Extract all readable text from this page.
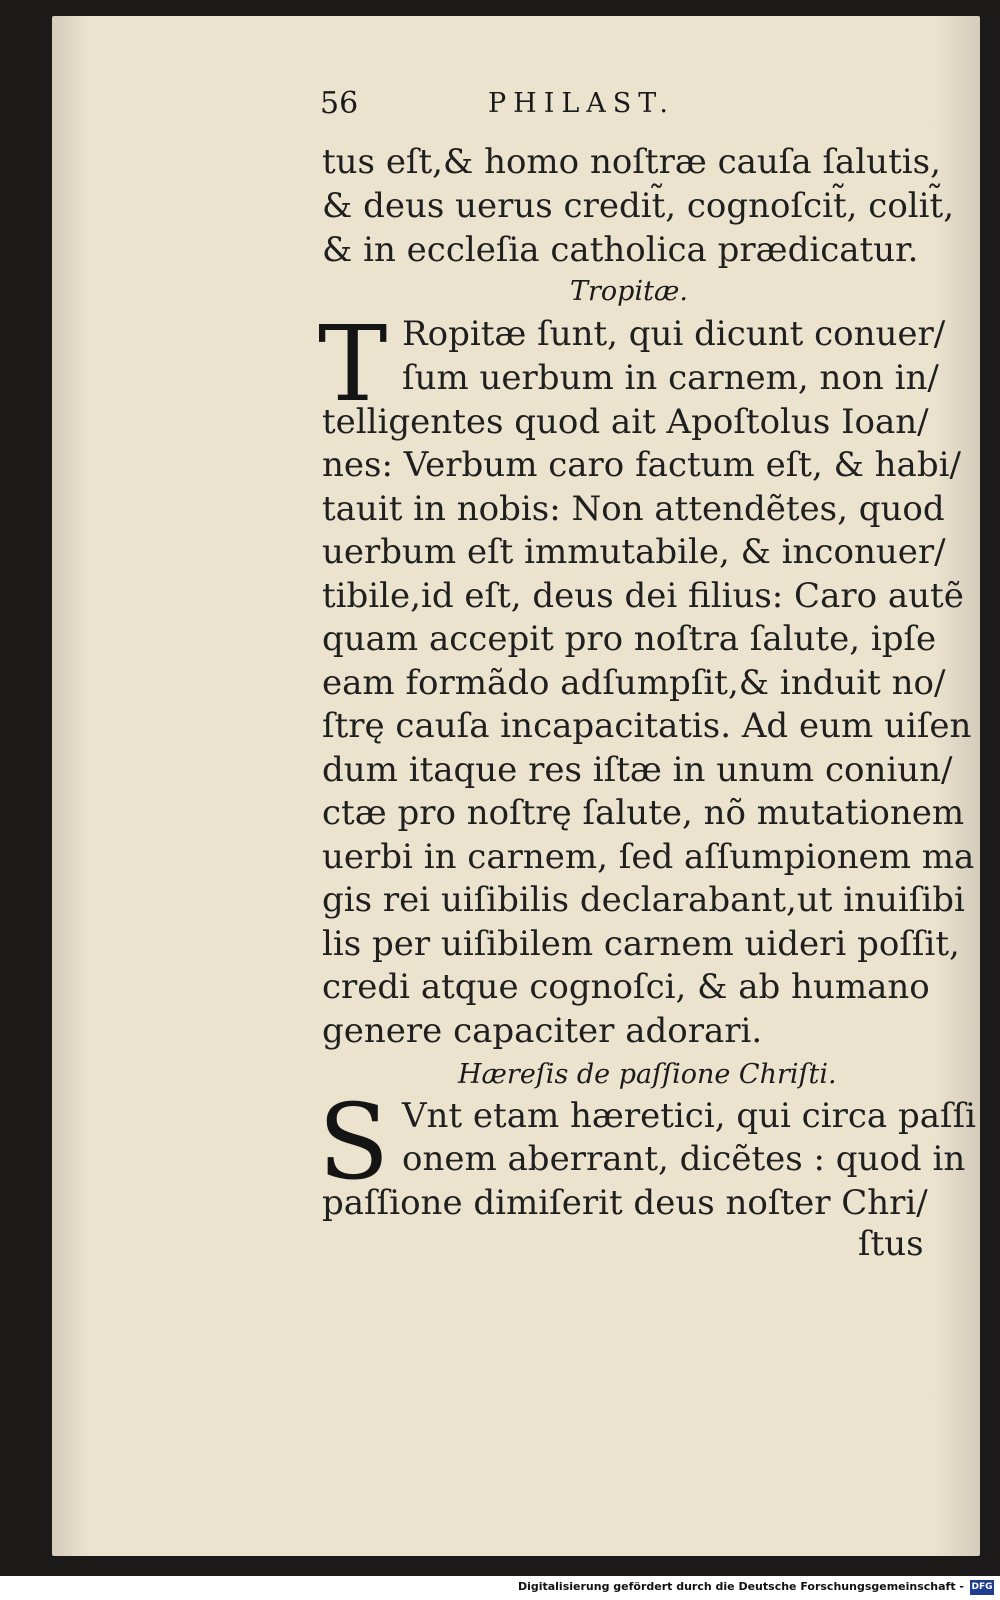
56	PHILAST.
tus eſt,& homo noſtræ cauſa ſalutis,
& deus uerus credit̃, cognoſcit̃, colit̃,
& in eccleſia catholica prædicatur.
Tropitæ.
T Ropitæ ſunt, qui dicunt conuer/
ſum uerbum in carnem, non in/
telligentes quod ait Apoſtolus Ioan/
nes: Verbum caro factum eſt, & habi/
tauit in nobis: Non attendẽtes, quod
uerbum eſt immutabile, & inconuer/
tibile,id eſt, deus dei filius: Caro autẽ
quam accepit pro noſtra ſalute, ipſe
eam formãdo adſumpſit,& induit no/
ſtrę cauſa incapacitatis. Ad eum uiſen
dum itaque res iſtæ in unum coniun/
ctæ pro noſtrę ſalute, nõ mutationem
uerbi in carnem, ſed aſſumpionem ma
gis rei uiſibilis declarabant,ut inuiſibi
lis per uiſibilem carnem uideri poſſit,
credi atque cognoſci, & ab humano
genere capaciter adorari.
Hæreſis de paſſione Chriſti.
S Vnt etam hæretici, qui circa paſſi
onem aberrant, dicẽtes : quod in
paſſione dimiſerit deus noſter Chri/
ſtus
Digitalisierung gefördert durch die Deutsche Forschungsgemeinschaft - DFG
